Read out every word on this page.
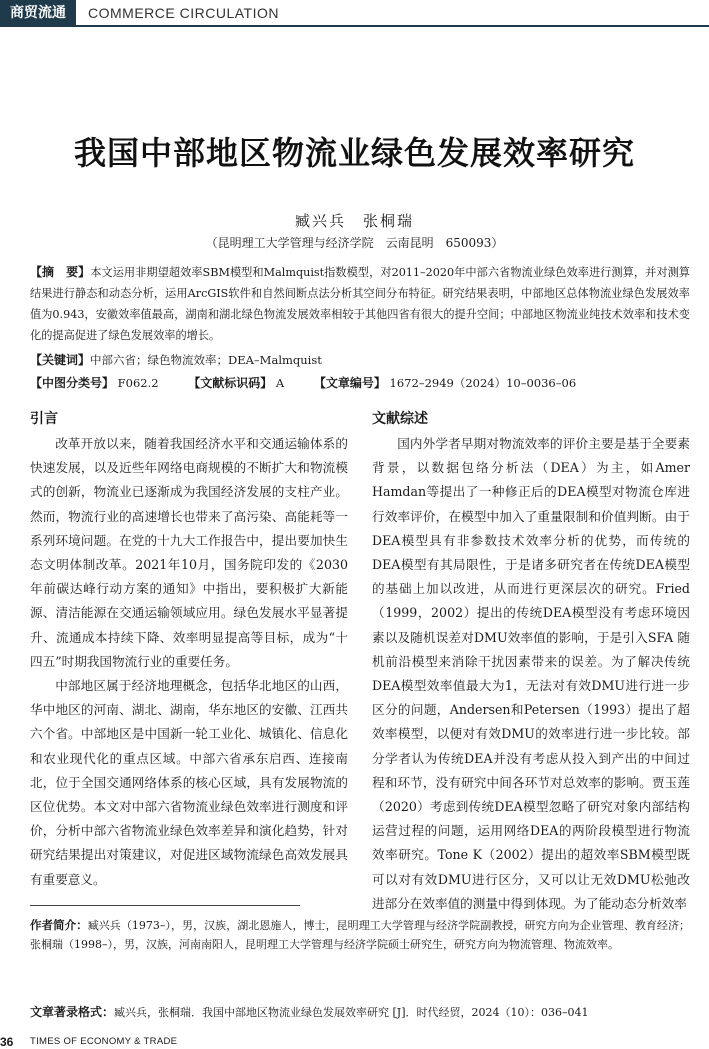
商贸流通	COMMERCE CIRCULATION
我国中部地区物流业绿色发展效率研究
臧兴兵　张桐瑞
（昆明理工大学管理与经济学院　云南昆明　650093）
【摘　要】本文运用非期望超效率SBM模型和Malmquist指数模型，对2011–2020年中部六省物流业绿色效率进行测算，并对测算结果进行静态和动态分析，运用ArcGIS软件和自然间断点法分析其空间分布特征。研究结果表明，中部地区总体物流业绿色发展效率值为0.943，安徽效率值最高，湖南和湖北绿色物流发展效率相较于其他四省有很大的提升空间；中部地区物流业纯技术效率和技术变化的提高促进了绿色发展效率的增长。
【关键词】中部六省；绿色物流效率；DEA–Malmquist
【中图分类号】 F062.2 【文献标识码】 A 【文章编号】 1672–2949（2024）10–0036–06
引言

改革开放以来，随着我国经济水平和交通运输体系的快速发展，以及近些年网络电商规模的不断扩大和物流模式的创新，物流业已逐渐成为我国经济发展的支柱产业。然而，物流行业的高速增长也带来了高污染、高能耗等一系列环境问题。在党的十九大工作报告中，提出要加快生态文明体制改革。2021年10月，国务院印发的《2030年前碳达峰行动方案的通知》中指出，要积极扩大新能源、清洁能源在交通运输领域应用。绿色发展水平显著提升、流通成本持续下降、效率明显提高等目标，成为“十四五”时期我国物流行业的重要任务。

中部地区属于经济地理概念，包括华北地区的山西，华中地区的河南、湖北、湖南，华东地区的安徽、江西共六个省。中部地区是中国新一轮工业化、城镇化、信息化和农业现代化的重点区域。中部六省承东启西、连接南北，位于全国交通网络体系的核心区域，具有发展物流的区位优势。本文对中部六省物流业绿色效率进行测度和评价，分析中部六省物流业绿色效率差异和演化趋势，针对研究结果提出对策建议，对促进区域物流绿色高效发展具有重要意义。

文献综述

国内外学者早期对物流效率的评价主要是基于全要素背景，以数据包络分析法（DEA）为主，如Amer Hamdan等提出了一种修正后的DEA模型对物流仓库进行效率评价，在模型中加入了重量限制和价值判断。由于DEA模型具有非参数技术效率分析的优势，而传统的DEA模型有其局限性，于是诸多研究者在传统DEA模型的基础上加以改进，从而进行更深层次的研究。Fried（1999，2002）提出的传统DEA模型没有考虑环境因素以及随机误差对DMU效率值的影响，于是引入SFA 随机前沿模型来消除干扰因素带来的误差。为了解决传统DEA模型效率值最大为1，无法对有效DMU进行进一步区分的问题，Andersen和Petersen（1993）提出了超效率模型，以便对有效DMU的效率进行进一步比较。部分学者认为传统DEA并没有考虑从投入到产出的中间过程和环节，没有研究中间各环节对总效率的影响。贾玉莲（2020）考虑到传统DEA模型忽略了研究对象内部结构运营过程的问题，运用网络DEA的两阶段模型进行物流效率研究。Tone K（2002）提出的超效率SBM模型既可以对有效DMU进行区分，又可以让无效DMU松弛改进部分在效率值的测量中得到体现。为了能动态分析效率

作者简介：臧兴兵（1973–），男，汉族，湖北恩施人，博士，昆明理工大学管理与经济学院副教授，研究方向为企业管理、教育经济；张桐瑞（1998–），男，汉族，河南南阳人，昆明理工大学管理与经济学院硕士研究生，研究方向为物流管理、物流效率。
文章著录格式：臧兴兵，张桐瑞．我国中部地区物流业绿色发展效率研究 [J]．时代经贸，2024（10）：036–041
36 TIMES OF ECONOMY & TRADE
